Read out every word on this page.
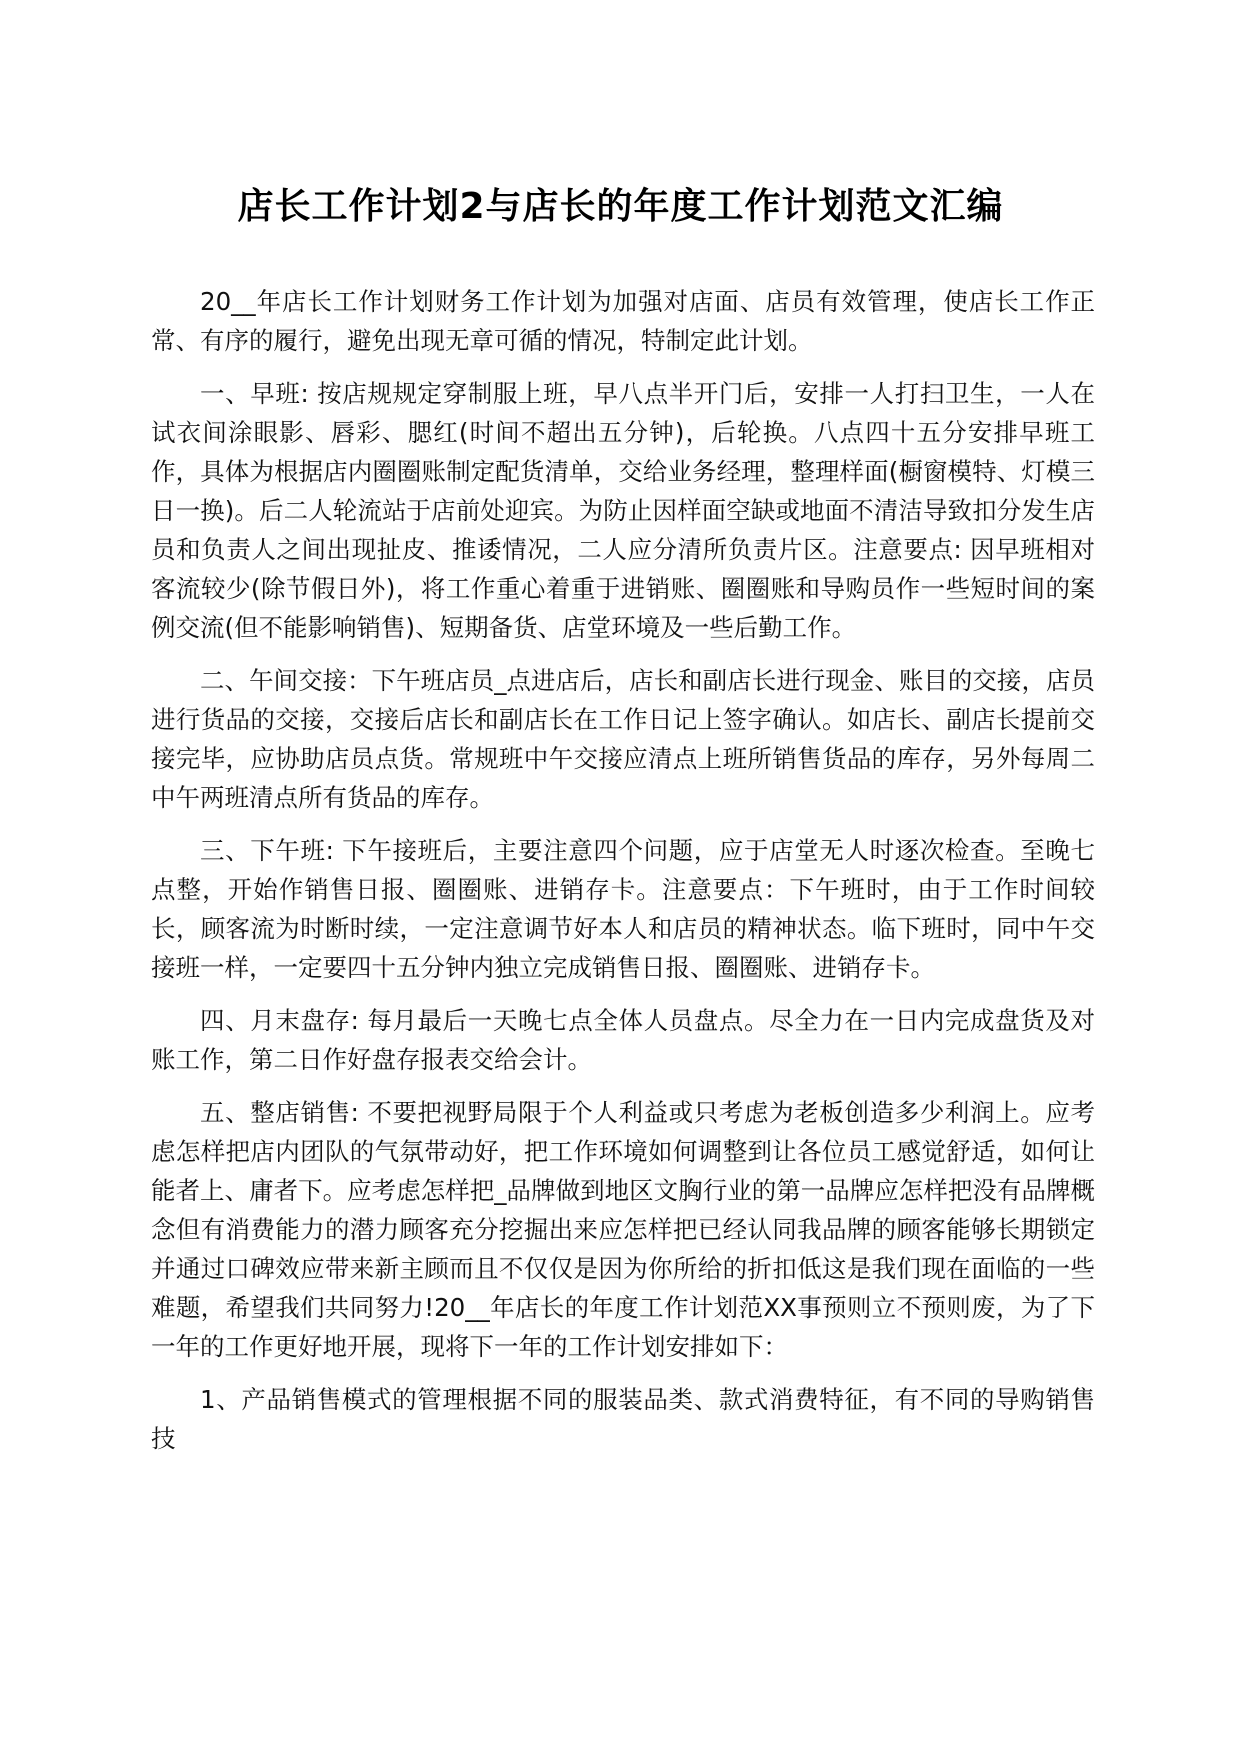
店长工作计划2与店长的年度工作计划范文汇编

20__年店长工作计划财务工作计划为加强对店面、店员有效管理，使店长工作正常、有序的履行，避免出现无章可循的情况，特制定此计划。

一、早班: 按店规规定穿制服上班，早八点半开门后，安排一人打扫卫生，一人在试衣间涂眼影、唇彩、腮红(时间不超出五分钟)，后轮换。八点四十五分安排早班工作，具体为根据店内圈圈账制定配货清单，交给业务经理，整理样面(橱窗模特、灯模三日一换)。后二人轮流站于店前处迎宾。为防止因样面空缺或地面不清洁导致扣分发生店员和负责人之间出现扯皮、推诿情况，二人应分清所负责片区。注意要点: 因早班相对客流较少(除节假日外)，将工作重心着重于进销账、圈圈账和导购员作一些短时间的案例交流(但不能影响销售)、短期备货、店堂环境及一些后勤工作。

二、午间交接：下午班店员_点进店后，店长和副店长进行现金、账目的交接，店员进行货品的交接，交接后店长和副店长在工作日记上签字确认。如店长、副店长提前交接完毕，应协助店员点货。常规班中午交接应清点上班所销售货品的库存，另外每周二中午两班清点所有货品的库存。

三、下午班: 下午接班后，主要注意四个问题，应于店堂无人时逐次检查。至晚七点整，开始作销售日报、圈圈账、进销存卡。注意要点：下午班时，由于工作时间较长，顾客流为时断时续，一定注意调节好本人和店员的精神状态。临下班时，同中午交接班一样，一定要四十五分钟内独立完成销售日报、圈圈账、进销存卡。

四、月末盘存: 每月最后一天晚七点全体人员盘点。尽全力在一日内完成盘货及对账工作，第二日作好盘存报表交给会计。

五、整店销售: 不要把视野局限于个人利益或只考虑为老板创造多少利润上。应考虑怎样把店内团队的气氛带动好，把工作环境如何调整到让各位员工感觉舒适，如何让能者上、庸者下。应考虑怎样把_品牌做到地区文胸行业的第一品牌应怎样把没有品牌概念但有消费能力的潜力顾客充分挖掘出来应怎样把已经认同我品牌的顾客能够长期锁定并通过口碑效应带来新主顾而且不仅仅是因为你所给的折扣低这是我们现在面临的一些难题，希望我们共同努力!20__年店长的年度工作计划范XX事预则立不预则废，为了下一年的工作更好地开展，现将下一年的工作计划安排如下：

1、产品销售模式的管理根据不同的服装品类、款式消费特征，有不同的导购销售技
